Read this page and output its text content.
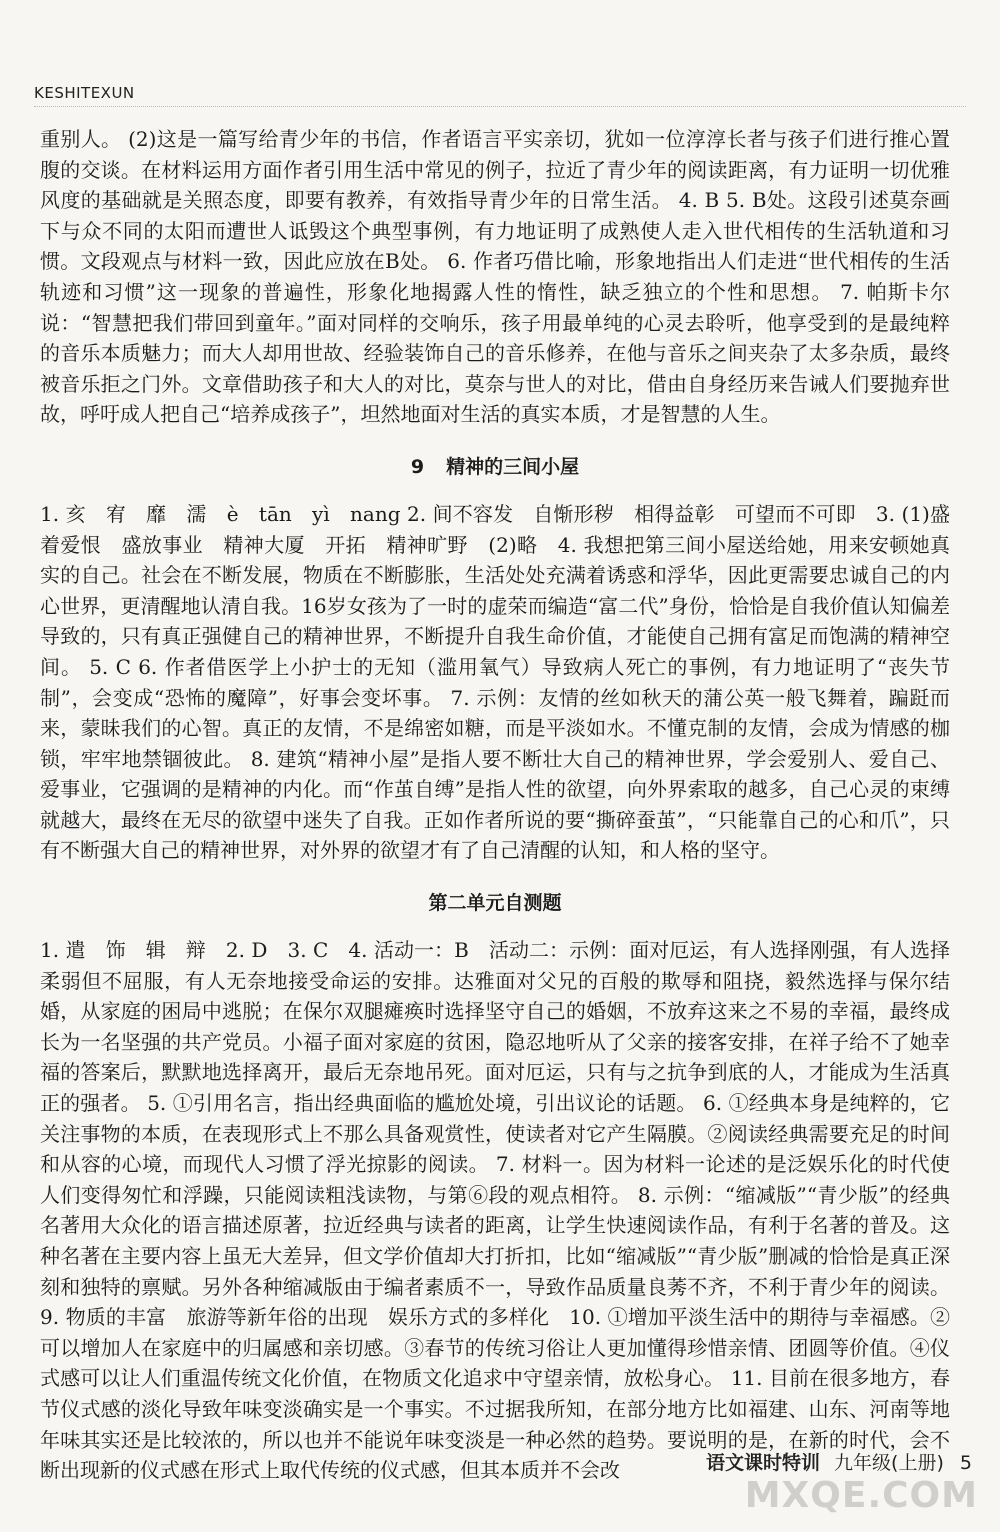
KESHITEXUN

重别人。 (2)这是一篇写给青少年的书信，作者语言平实亲切，犹如一位淳淳长者与孩子们进行推心置腹的交谈。在材料运用方面作者引用生活中常见的例子，拉近了青少年的阅读距离，有力证明一切优雅风度的基础就是关照态度，即要有教养，有效指导青少年的日常生活。 4. B 5. B处。这段引述莫奈画下与众不同的太阳而遭世人诋毁这个典型事例，有力地证明了成熟使人走入世代相传的生活轨道和习惯。文段观点与材料一致，因此应放在B处。 6. 作者巧借比喻，形象地指出人们走进“世代相传的生活轨迹和习惯”这一现象的普遍性，形象化地揭露人性的惰性，缺乏独立的个性和思想。 7. 帕斯卡尔说：“智慧把我们带回到童年。”面对同样的交响乐，孩子用最单纯的心灵去聆听，他享受到的是最纯粹的音乐本质魅力；而大人却用世故、经验装饰自己的音乐修养，在他与音乐之间夹杂了太多杂质，最终被音乐拒之门外。文章借助孩子和大人的对比，莫奈与世人的对比，借由自身经历来告诫人们要抛弃世故，呼吁成人把自己“培养成孩子”，坦然地面对生活的真实本质，才是智慧的人生。

9 精神的三间小屋

1. 亥　宥　靡　濡　è　tān　yì　nang 2. 间不容发　自惭形秽　相得益彰　可望而不可即　3. (1)盛着爱恨　盛放事业　精神大厦　开拓　精神旷野　(2)略　4. 我想把第三间小屋送给她，用来安顿她真实的自己。社会在不断发展，物质在不断膨胀，生活处处充满着诱惑和浮华，因此更需要忠诚自己的内心世界，更清醒地认清自我。16岁女孩为了一时的虚荣而编造“富二代”身份，恰恰是自我价值认知偏差导致的，只有真正强健自己的精神世界，不断提升自我生命价值，才能使自己拥有富足而饱满的精神空间。 5. C 6. 作者借医学上小护士的无知（滥用氧气）导致病人死亡的事例，有力地证明了“丧失节制”，会变成“恐怖的魔障”，好事会变坏事。 7. 示例：友情的丝如秋天的蒲公英一般飞舞着，蹁跹而来，蒙昧我们的心智。真正的友情，不是绵密如糖，而是平淡如水。不懂克制的友情，会成为情感的枷锁，牢牢地禁锢彼此。 8. 建筑“精神小屋”是指人要不断壮大自己的精神世界，学会爱别人、爱自己、爱事业，它强调的是精神的内化。而“作茧自缚”是指人性的欲望，向外界索取的越多，自己心灵的束缚就越大，最终在无尽的欲望中迷失了自我。正如作者所说的要“撕碎蚕茧”，“只能靠自己的心和爪”，只有不断强大自己的精神世界，对外界的欲望才有了自己清醒的认知，和人格的坚守。

第二单元自测题

1. 遣　饰　辑　辩　2. D　3. C　4. 活动一：B　活动二：示例：面对厄运，有人选择刚强，有人选择柔弱但不屈服，有人无奈地接受命运的安排。达雅面对父兄的百般的欺辱和阻挠，毅然选择与保尔结婚，从家庭的困局中逃脱；在保尔双腿瘫痪时选择坚守自己的婚姻，不放弃这来之不易的幸福，最终成长为一名坚强的共产党员。小福子面对家庭的贫困，隐忍地听从了父亲的接客安排，在祥子给不了她幸福的答案后，默默地选择离开，最后无奈地吊死。面对厄运，只有与之抗争到底的人，才能成为生活真正的强者。 5. ①引用名言，指出经典面临的尴尬处境，引出议论的话题。 6. ①经典本身是纯粹的，它关注事物的本质，在表现形式上不那么具备观赏性，使读者对它产生隔膜。②阅读经典需要充足的时间和从容的心境，而现代人习惯了浮光掠影的阅读。 7. 材料一。因为材料一论述的是泛娱乐化的时代使人们变得匆忙和浮躁，只能阅读粗浅读物，与第⑥段的观点相符。 8. 示例：“缩减版”“青少版”的经典名著用大众化的语言描述原著，拉近经典与读者的距离，让学生快速阅读作品，有利于名著的普及。这种名著在主要内容上虽无大差异，但文学价值却大打折扣，比如“缩减版”“青少版”删减的恰恰是真正深刻和独特的禀赋。另外各种缩减版由于编者素质不一，导致作品质量良莠不齐，不利于青少年的阅读。 9. 物质的丰富　旅游等新年俗的出现　娱乐方式的多样化　10. ①增加平淡生活中的期待与幸福感。②可以增加人在家庭中的归属感和亲切感。③春节的传统习俗让人更加懂得珍惜亲情、团圆等价值。④仪式感可以让人们重温传统文化价值，在物质文化追求中守望亲情，放松身心。 11. 目前在很多地方，春节仪式感的淡化导致年味变淡确实是一个事实。不过据我所知，在部分地方比如福建、山东、河南等地年味其实还是比较浓的，所以也并不能说年味变淡是一种必然的趋势。要说明的是，在新的时代，会不断出现新的仪式感在形式上取代传统的仪式感，但其本质并不会改	语文课时特训 九年级(上册) 5
MXQE.COM
